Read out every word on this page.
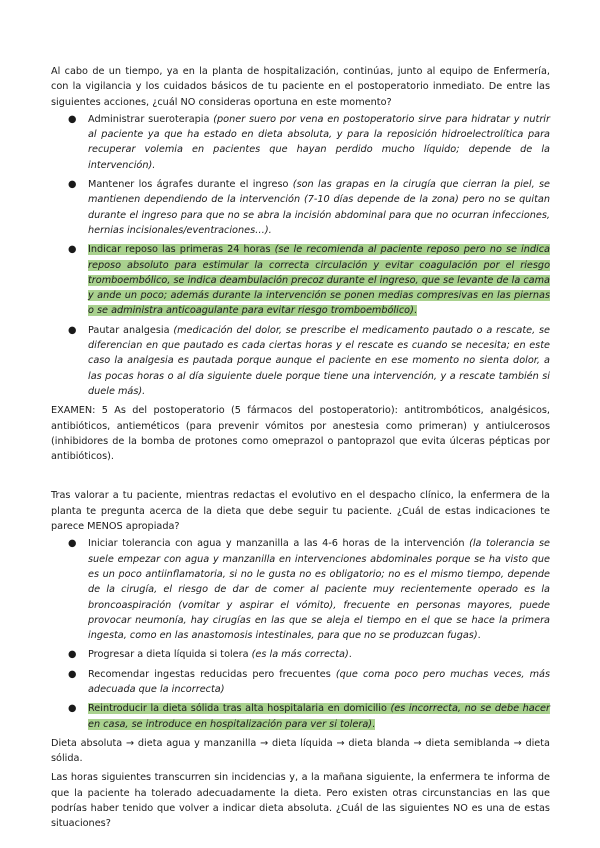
Al cabo de un tiempo, ya en la planta de hospitalización, continúas, junto al equipo de Enfermería, con la vigilancia y los cuidados básicos de tu paciente en el postoperatorio inmediato. De entre las siguientes acciones, ¿cuál NO consideras oportuna en este momento?

● Administrar sueroterapia (poner suero por vena en postoperatorio sirve para hidratar y nutrir al paciente ya que ha estado en dieta absoluta, y para la reposición hidroelectrolítica para recuperar volemia en pacientes que hayan perdido mucho líquido; depende de la intervención).
● Mantener los ágrafes durante el ingreso (son las grapas en la cirugía que cierran la piel, se mantienen dependiendo de la intervención (7-10 días depende de la zona) pero no se quitan durante el ingreso para que no se abra la incisión abdominal para que no ocurran infecciones, hernias incisionales/eventraciones…).
● Indicar reposo las primeras 24 horas (se le recomienda al paciente reposo pero no se indica reposo absoluto para estimular la correcta circulación y evitar coagulación por el riesgo tromboembólico, se indica deambulación precoz durante el ingreso, que se levante de la cama y ande un poco; además durante la intervención se ponen medias compresivas en las piernas o se administra anticoagulante para evitar riesgo tromboembólico).
● Pautar analgesia (medicación del dolor, se prescribe el medicamento pautado o a rescate, se diferencian en que pautado es cada ciertas horas y el rescate es cuando se necesita; en este caso la analgesia es pautada porque aunque el paciente en ese momento no sienta dolor, a las pocas horas o al día siguiente duele porque tiene una intervención, y a rescate también si duele más).

EXAMEN: 5 As del postoperatorio (5 fármacos del postoperatorio): antitrombóticos, analgésicos, antibióticos, antieméticos (para prevenir vómitos por anestesia como primeran) y antiulcerosos (inhibidores de la bomba de protones como omeprazol o pantoprazol que evita úlceras pépticas por antibióticos).

Tras valorar a tu paciente, mientras redactas el evolutivo en el despacho clínico, la enfermera de la planta te pregunta acerca de la dieta que debe seguir tu paciente. ¿Cuál de estas indicaciones te parece MENOS apropiada?

● Iniciar tolerancia con agua y manzanilla a las 4-6 horas de la intervención (la tolerancia se suele empezar con agua y manzanilla en intervenciones abdominales porque se ha visto que es un poco antiinflamatoria, si no le gusta no es obligatorio; no es el mismo tiempo, depende de la cirugía, el riesgo de dar de comer al paciente muy recientemente operado es la broncoaspiración (vomitar y aspirar el vómito), frecuente en personas mayores, puede provocar neumonía, hay cirugías en las que se aleja el tiempo en el que se hace la primera ingesta, como en las anastomosis intestinales, para que no se produzcan fugas).
● Progresar a dieta líquida si tolera (es la más correcta).
● Recomendar ingestas reducidas pero frecuentes (que coma poco pero muchas veces, más adecuada que la incorrecta)
● Reintroducir la dieta sólida tras alta hospitalaria en domicilio (es incorrecta, no se debe hacer en casa, se introduce en hospitalización para ver si tolera).

Dieta absoluta → dieta agua y manzanilla → dieta líquida → dieta blanda → dieta semiblanda → dieta sólida.

Las horas siguientes transcurren sin incidencias y, a la mañana siguiente, la enfermera te informa de que la paciente ha tolerado adecuadamente la dieta. Pero existen otras circunstancias en las que podrías haber tenido que volver a indicar dieta absoluta. ¿Cuál de las siguientes NO es una de estas situaciones?
